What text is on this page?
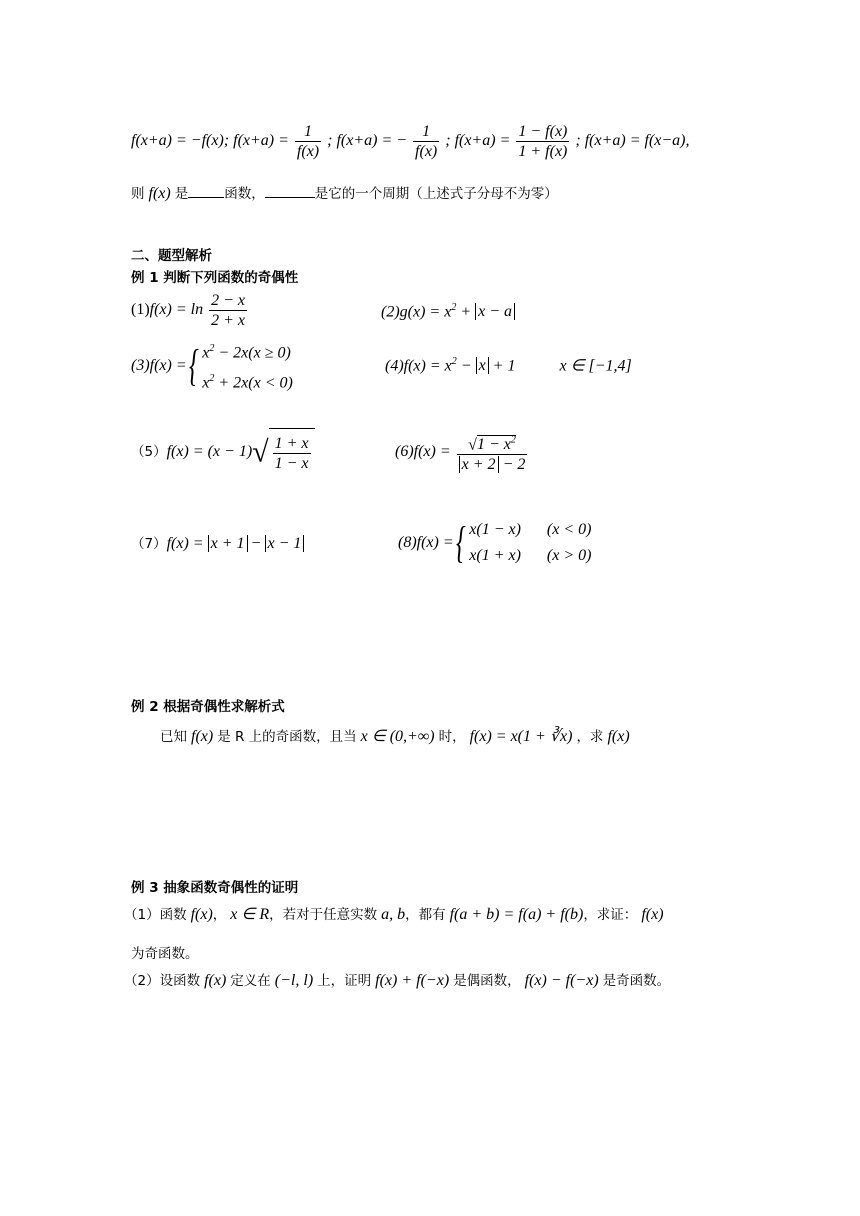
f(x+a) = −f(x); $f(x+a) = \frac{1}{f(x)}$ ; f(x+a) = − $\frac{1}{f(x)}$ ; $f(x+a) = \frac{1 - f(x)}{1 + f(x)}$ ; f(x+a) = f(x−a),
则 f(x) 是	函数，	是它的一个周期（上述式子分母不为零）
二、题型解析
例 1 判断下列函数的奇偶性
$(1)f(x) = \ln \frac{2 - x}{2 + x}$	$(2)g(x) = x^2 + x - a$
(3)f(x) = { $x^2 - 2x(x \ge 0)$
$x^2 + 2x(x < 0)$
$(4)f(x) = x^2 - x + 1$	x ∈ [−1,4]
$(5)f(x) = (x - 1)√ \frac{1 + x}{1 - x}$	$(6)f(x) = \frac{√1 - x^2}{x + 2 - 2}$
（7）f(x) = x + 1 − x − 1	(8)f(x) = { x(1 − x) (x < 0)
x(1 + x) (x > 0)
例 2 根据奇偶性求解析式
已知 f(x) 是 R 上的奇函数，且当 x ∈ (0,+∞) 时， f(x) = x(1 + ∛x) ，求 f(x)
例 3 抽象函数奇偶性的证明
（1）函数 f(x)， x ∈ R，若对于任意实数 a, b，都有 f(a + b) = f(a) + f(b)，求证： f(x)
为奇函数。
（2）设函数 f(x) 定义在 (−l, l) 上，证明 f(x) + f(−x) 是偶函数， f(x) − f(−x) 是奇函数。
